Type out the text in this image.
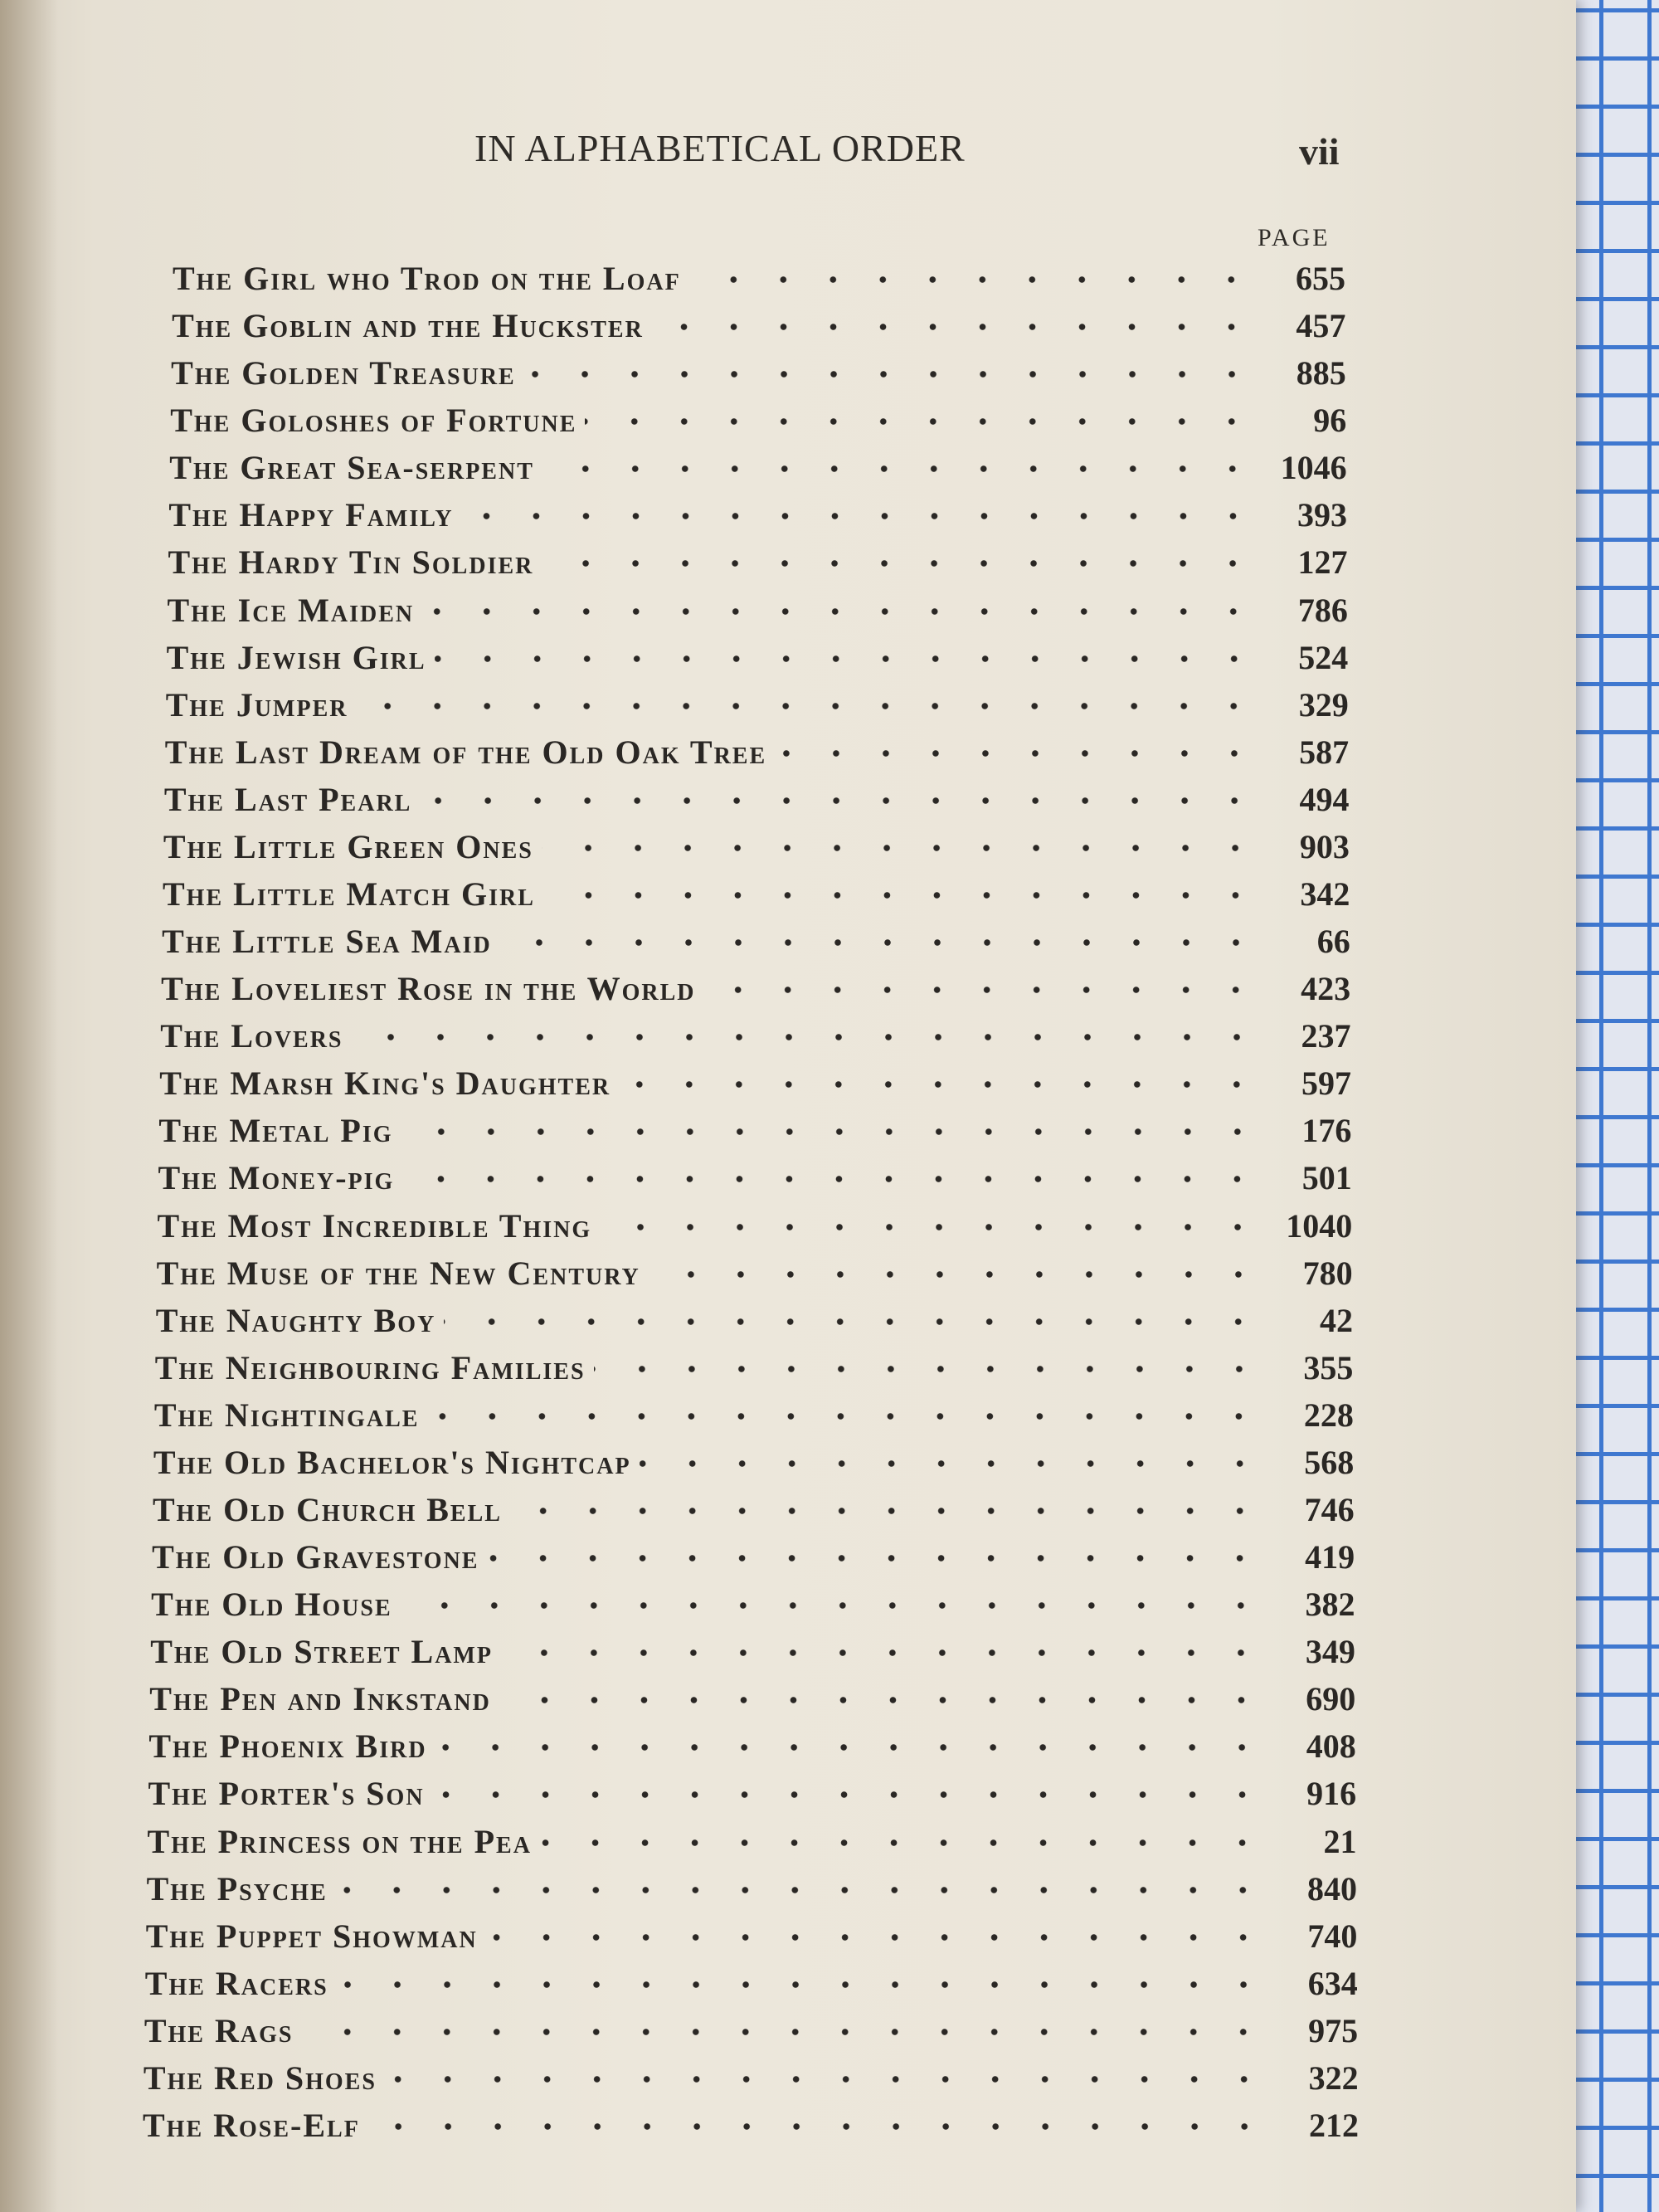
IN ALPHABETICAL ORDER	vii
PAGE
The Girl who Trod on the Loaf	655
The Goblin and the Huckster	457
The Golden Treasure	885
The Goloshes of Fortune	96
The Great Sea-serpent	1046
The Happy Family	393
The Hardy Tin Soldier	127
The Ice Maiden	786
The Jewish Girl	524
The Jumper	329
The Last Dream of the Old Oak Tree	587
The Last Pearl	494
The Little Green Ones	903
The Little Match Girl	342
The Little Sea Maid	66
The Loveliest Rose in the World	423
The Lovers	237
The Marsh King's Daughter	597
The Metal Pig	176
The Money-pig	501
The Most Incredible Thing	1040
The Muse of the New Century	780
The Naughty Boy	42
The Neighbouring Families	355
The Nightingale	228
The Old Bachelor's Nightcap	568
The Old Church Bell	746
The Old Gravestone	419
The Old House	382
The Old Street Lamp	349
The Pen and Inkstand	690
The Phoenix Bird	408
The Porter's Son	916
The Princess on the Pea	21
The Psyche	840
The Puppet Showman	740
The Racers	634
The Rags	975
The Red Shoes	322
The Rose-Elf	212
